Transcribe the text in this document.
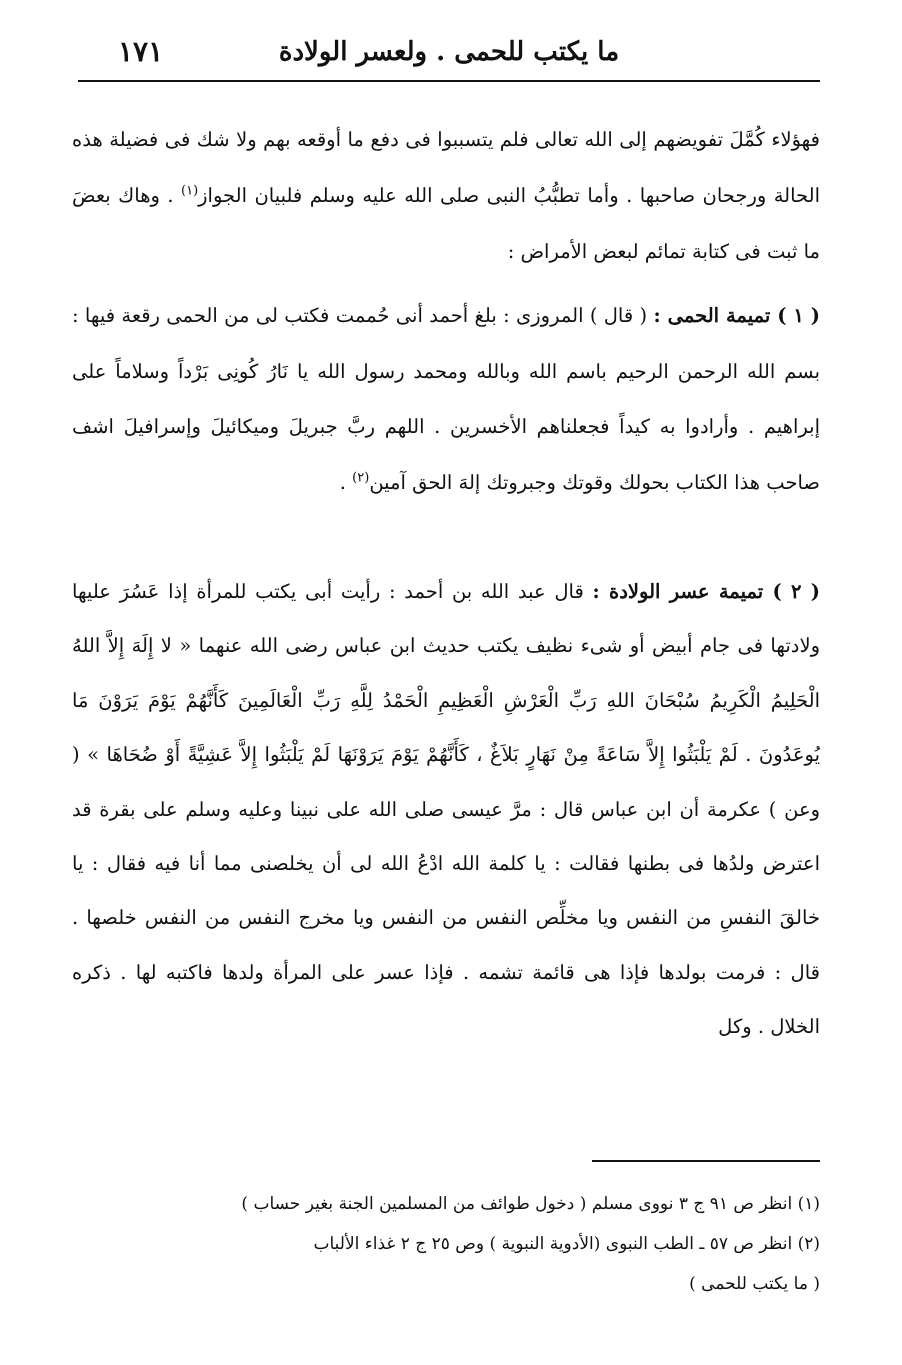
ما يكتب للحمى . ولعسر الولادة
١٧١

فهؤلاء كُمَّلَ تفويضهم إلى الله تعالى فلم يتسببوا فى دفع ما أوقعه بهم ولا شك فى فضيلة هذه الحالة ورجحان صاحبها . وأما تطبُّبُ النبى صلى الله عليه وسلم فلبيان الجواز$^{(١)}$ . وهاك بعضَ ما ثبت فى كتابة تمائم لبعض الأمراض :

( ١ ) تميمة الحمى : ( قال ) المروزى : بلغ أحمد أنى حُممت فكتب لى من الحمى رقعة فيها : بسم الله الرحمن الرحيم باسم الله وبالله ومحمد رسول الله يا نَارُ كُونِى بَرْداً وسلاماً على إبراهيم . وأرادوا به كيداً فجعلناهم الأخسرين . اللهم ربَّ جبريلَ وميكائيلَ وإسرافيلَ اشف صاحب هذا الكتاب بحولك وقوتك وجبروتك إلهَ الحق آمين$^{(٢)}$ .

( ٢ ) تميمة عسر الولادة : قال عبد الله بن أحمد : رأيت أبى يكتب للمرأة إذا عَسُرَ عليها ولادتها فى جام أبيض أو شىء نظيف يكتب حديث ابن عباس رضى الله عنهما « لا إِلَهَ إِلاَّ اللهُ الْحَلِيمُ الْكَرِيمُ سُبْحَانَ اللهِ رَبِّ الْعَرْشِ الْعَظِيمِ الْحَمْدُ لِلَّهِ رَبِّ الْعَالَمِينَ كَأَنَّهُمْ يَوْمَ يَرَوْنَ مَا يُوعَدُونَ . لَمْ يَلْبَثُوا إِلاَّ سَاعَةً مِنْ نَهَارٍ بَلاَغٌ ، كَأَنَّهُمْ يَوْمَ يَرَوْنَهَا لَمْ يَلْبَثُوا إِلاَّ عَشِيَّةً أَوْ ضُحَاهَا » ( وعن ) عكرمة أن ابن عباس قال : مرَّ عيسى صلى الله على نبينا وعليه وسلم على بقرة قد اعترض ولدُها فى بطنها فقالت : يا كلمة الله ادْعُ الله لى أن يخلصنى مما أنا فيه فقال : يا خالقَ النفسِ من النفس ويا مخلِّص النفس من النفس ويا مخرج النفس من النفس خلصها . قال : فرمت بولدها فإذا هى قائمة تشمه . فإذا عسر على المرأة ولدها فاكتبه لها . ذكره الخلال . وكل

(١) انظر ص ٩١ ج ٣ نووى مسلم ( دخول طوائف من المسلمين الجنة بغير حساب )

(٢) انظر ص ٥٧ ـ الطب النبوى (الأدوية النبوية ) وص ٢٥ ج ٢ غذاء الألباب

( ما يكتب للحمى )
